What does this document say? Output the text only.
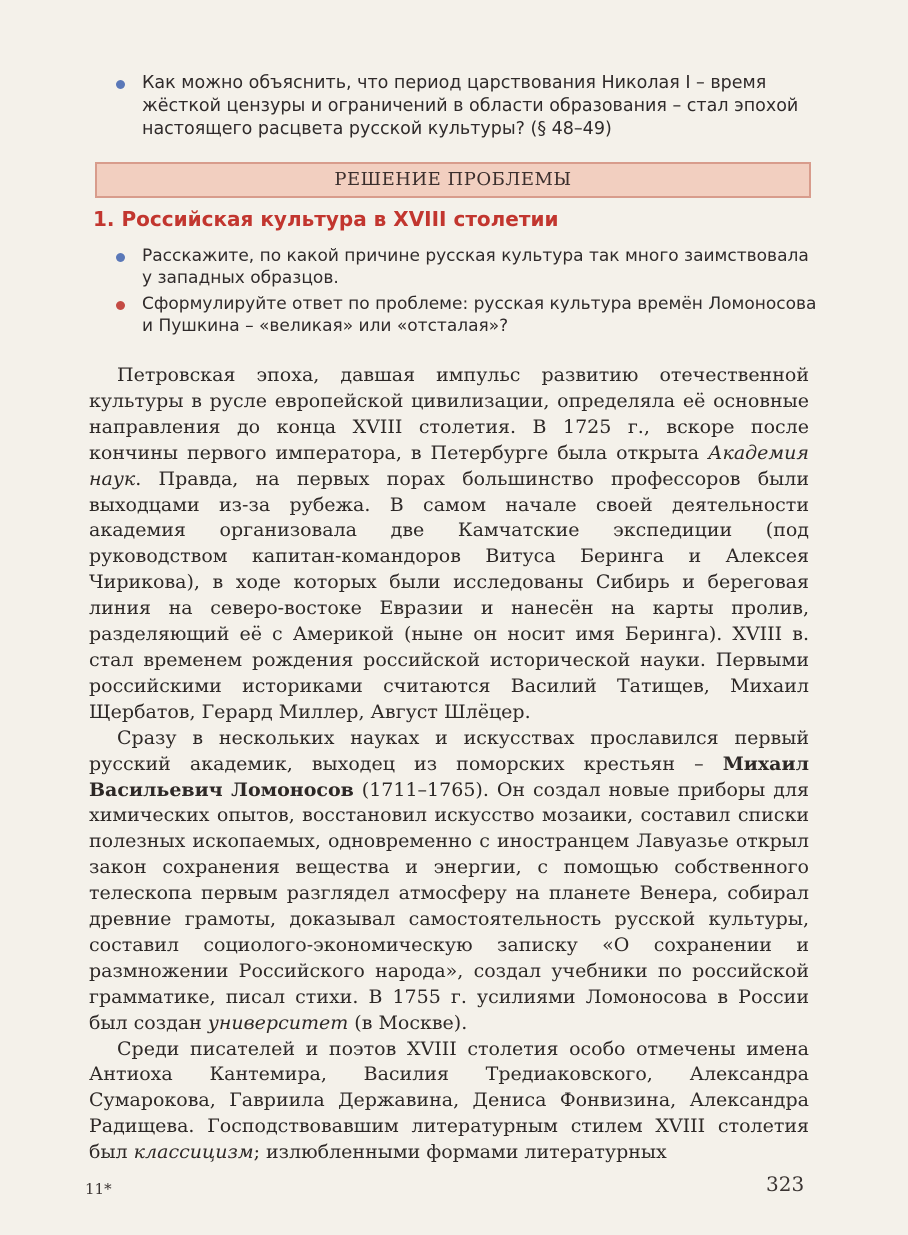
Как можно объяснить, что период царствования Николая I – время жёсткой цензуры и ограничений в области образования – стал эпохой настоящего расцвета русской культуры? (§ 48–49)
РЕШЕНИЕ ПРОБЛЕМЫ
1. Российская культура в XVIII столетии
Расскажите, по какой причине русская культура так много заимствовала у западных образцов.
Сформулируйте ответ по проблеме: русская культура времён Ломоносова и Пушкина – «великая» или «отсталая»?

Петровская эпоха, давшая импульс развитию отечественной культуры в русле европейской цивилизации, определяла её основные направления до конца XVIII столетия. В 1725 г., вскоре после кончины первого императора, в Петербурге была открыта Академия наук. Правда, на первых порах большинство профессоров были выходцами из-за рубежа. В самом начале своей деятельности академия организовала две Камчатские экспедиции (под руководством капитан-командоров Витуса Беринга и Алексея Чирикова), в ходе которых были исследованы Сибирь и береговая линия на северо-востоке Евразии и нанесён на карты пролив, разделяющий её с Америкой (ныне он носит имя Беринга). XVIII в. стал временем рождения российской исторической науки. Первыми российскими историками считаются Василий Татищев, Михаил Щербатов, Герард Миллер, Август Шлёцер.

Сразу в нескольких науках и искусствах прославился первый русский академик, выходец из поморских крестьян – Михаил Васильевич Ломоносов (1711–1765). Он создал новые приборы для химических опытов, восстановил искусство мозаики, составил списки полезных ископаемых, одновременно с иностранцем Лавуазье открыл закон сохранения вещества и энергии, с помощью собственного телескопа первым разглядел атмосферу на планете Венера, собирал древние грамоты, доказывал самостоятельность русской культуры, составил социолого-экономическую записку «О сохранении и размножении Российского народа», создал учебники по российской грамматике, писал стихи. В 1755 г. усилиями Ломоносова в России был создан университет (в Москве).

Среди писателей и поэтов XVIII столетия особо отмечены имена Антиоха Кантемира, Василия Тредиаковского, Александра Сумарокова, Гавриила Державина, Дениса Фонвизина, Александра Радищева. Господствовавшим литературным стилем XVIII столетия был классицизм; излюбленными формами литературных

11*	323
